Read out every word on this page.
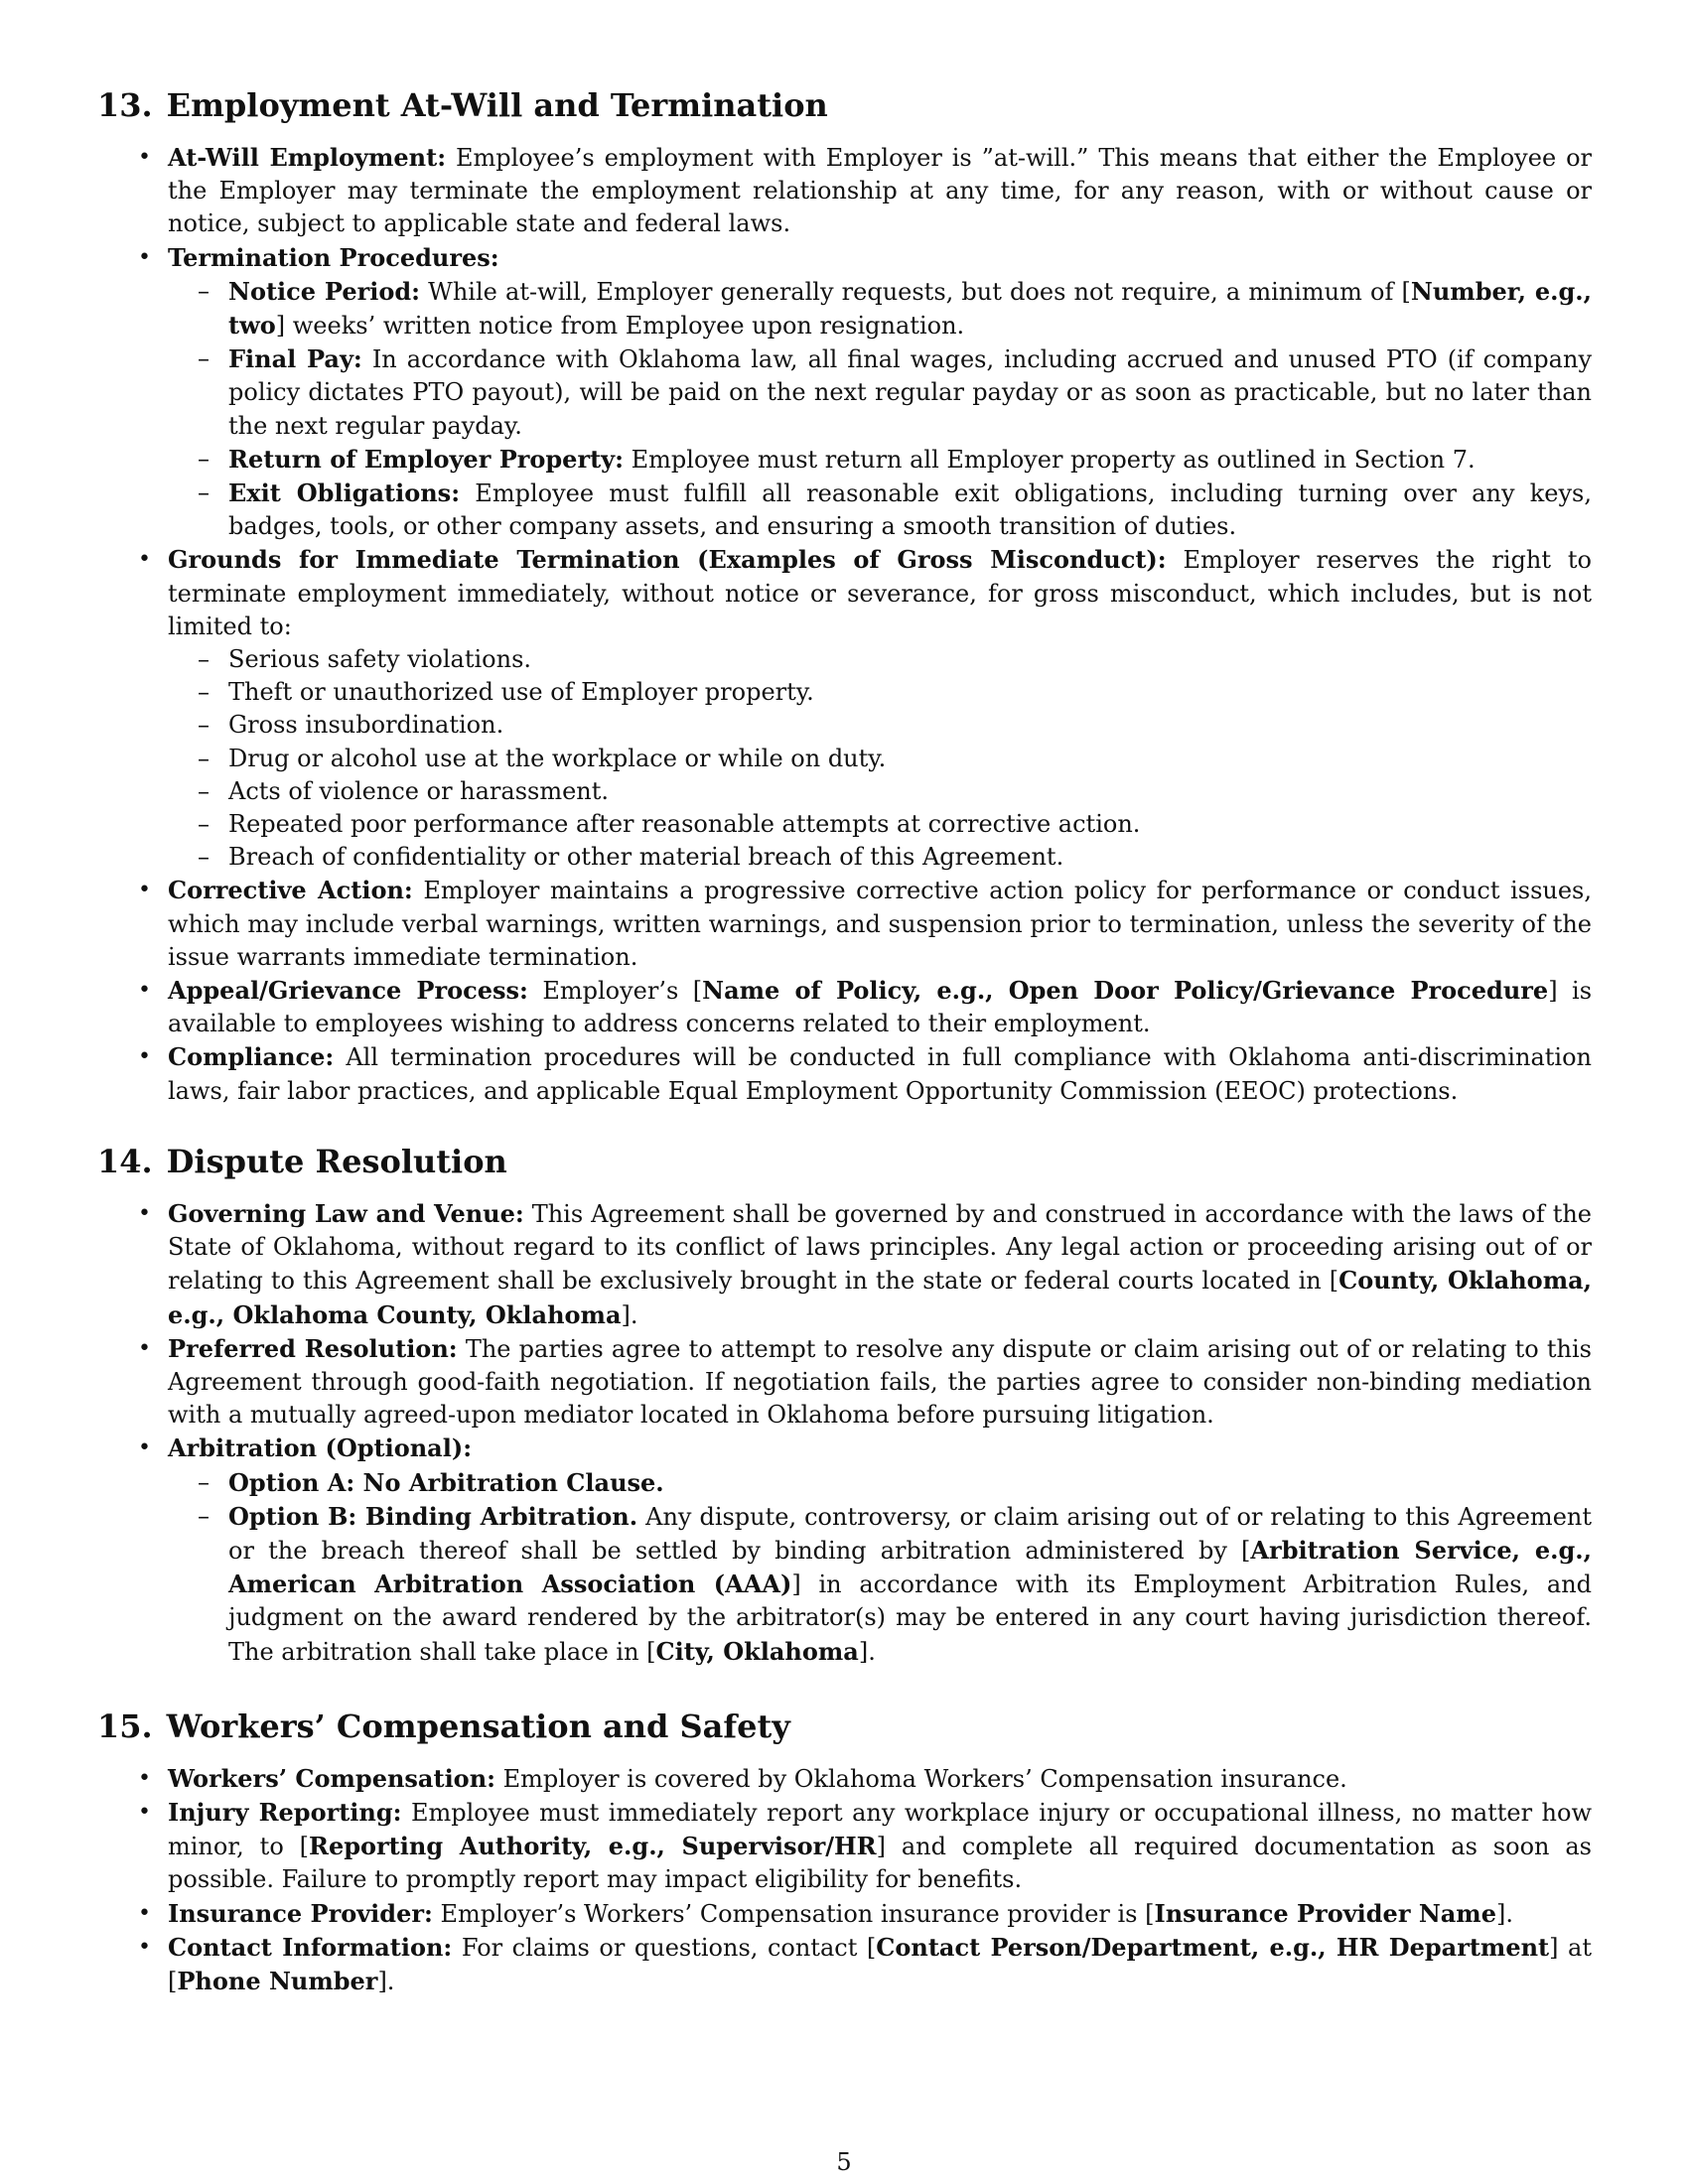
13. Employment At-Will and Termination
• At-Will Employment: Employee’s employment with Employer is ”at-will.” This means that either the Employee or the Employer may terminate the employment relationship at any time, for any reason, with or without cause or notice, subject to applicable state and federal laws.
• Termination Procedures:
– Notice Period: While at-will, Employer generally requests, but does not require, a minimum of [Number, e.g., two] weeks’ written notice from Employee upon resignation.
– Final Pay: In accordance with Oklahoma law, all final wages, including accrued and unused PTO (if company policy dictates PTO payout), will be paid on the next regular payday or as soon as practicable, but no later than the next regular payday.
– Return of Employer Property: Employee must return all Employer property as outlined in Section 7.
– Exit Obligations: Employee must fulfill all reasonable exit obligations, including turning over any keys, badges, tools, or other company assets, and ensuring a smooth transition of duties.
• Grounds for Immediate Termination (Examples of Gross Misconduct): Employer reserves the right to terminate employment immediately, without notice or severance, for gross misconduct, which includes, but is not limited to:
– Serious safety violations.
– Theft or unauthorized use of Employer property.
– Gross insubordination.
– Drug or alcohol use at the workplace or while on duty.
– Acts of violence or harassment.
– Repeated poor performance after reasonable attempts at corrective action.
– Breach of confidentiality or other material breach of this Agreement.
• Corrective Action: Employer maintains a progressive corrective action policy for performance or conduct issues, which may include verbal warnings, written warnings, and suspension prior to termination, unless the severity of the issue warrants immediate termination.
• Appeal/Grievance Process: Employer’s [Name of Policy, e.g., Open Door Policy/Grievance Procedure] is available to employees wishing to address concerns related to their employment.
• Compliance: All termination procedures will be conducted in full compliance with Oklahoma anti-discrimination laws, fair labor practices, and applicable Equal Employment Opportunity Commission (EEOC) protections.
14. Dispute Resolution
• Governing Law and Venue: This Agreement shall be governed by and construed in accordance with the laws of the State of Oklahoma, without regard to its conflict of laws principles. Any legal action or proceeding arising out of or relating to this Agreement shall be exclusively brought in the state or federal courts located in [County, Oklahoma, e.g., Oklahoma County, Oklahoma].
• Preferred Resolution: The parties agree to attempt to resolve any dispute or claim arising out of or relating to this Agreement through good-faith negotiation. If negotiation fails, the parties agree to consider non-binding mediation with a mutually agreed-upon mediator located in Oklahoma before pursuing litigation.
• Arbitration (Optional):
– Option A: No Arbitration Clause.
– Option B: Binding Arbitration. Any dispute, controversy, or claim arising out of or relating to this Agreement or the breach thereof shall be settled by binding arbitration administered by [Arbitration Service, e.g., American Arbitration Association (AAA)] in accordance with its Employment Arbitration Rules, and judgment on the award rendered by the arbitrator(s) may be entered in any court having jurisdiction thereof. The arbitration shall take place in [City, Oklahoma].
15. Workers’ Compensation and Safety
• Workers’ Compensation: Employer is covered by Oklahoma Workers’ Compensation insurance.
• Injury Reporting: Employee must immediately report any workplace injury or occupational illness, no matter how minor, to [Reporting Authority, e.g., Supervisor/HR] and complete all required documentation as soon as possible. Failure to promptly report may impact eligibility for benefits.
• Insurance Provider: Employer’s Workers’ Compensation insurance provider is [Insurance Provider Name].
• Contact Information: For claims or questions, contact [Contact Person/Department, e.g., HR Department] at [Phone Number].
5
